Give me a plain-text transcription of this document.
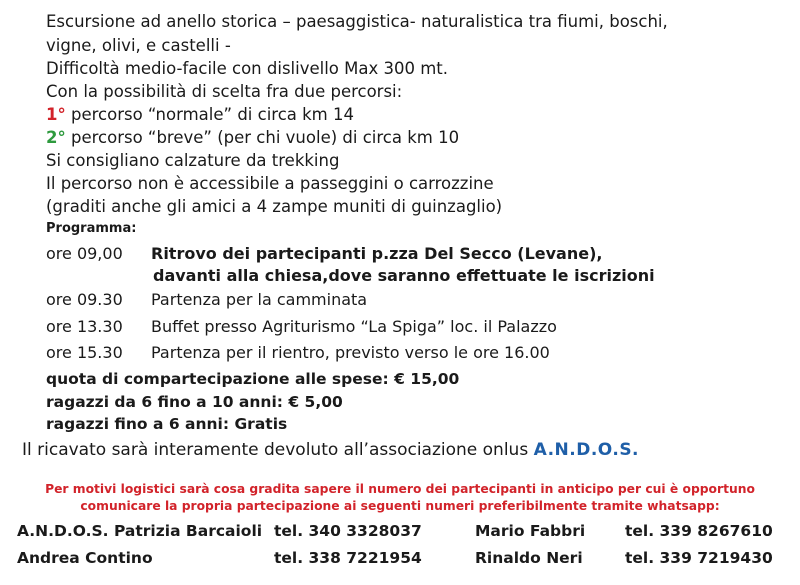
Escursione ad anello storica – paesaggistica- naturalistica tra fiumi, boschi,
vigne, olivi, e castelli -
Difficoltà medio-facile con dislivello Max 300 mt.
Con la possibilità di scelta fra due percorsi:
1° percorso “normale” di circa km 14
2° percorso “breve” (per chi vuole) di circa km 10
Si consigliano calzature da trekking
Il percorso non è accessibile a passeggini o carrozzine
(graditi anche gli amici a 4 zampe muniti di guinzaglio)
Programma:
ore 09,00 Ritrovo dei partecipanti p.zza Del Secco (Levane),
davanti alla chiesa,dove saranno effettuate le iscrizioni
ore 09.30 Partenza per la camminata
ore 13.30 Buffet presso Agriturismo “La Spiga” loc. il Palazzo
ore 15.30 Partenza per il rientro, previsto verso le ore 16.00
quota di compartecipazione alle spese: € 15,00
ragazzi da 6 fino a 10 anni: € 5,00
ragazzi fino a 6 anni: Gratis
Il ricavato sarà interamente devoluto all’associazione onlus A.N.D.O.S.
Per motivi logistici sarà cosa gradita sapere il numero dei partecipanti in anticipo per cui è opportuno
comunicare la propria partecipazione ai seguenti numeri preferibilmente tramite whatsapp:
A.N.D.O.S. Patrizia Barcaioli tel. 340 3328037	Mario Fabbri	tel. 339 8267610
Andrea Contino	tel. 338 7221954	Rinaldo Neri	tel. 339 7219430
